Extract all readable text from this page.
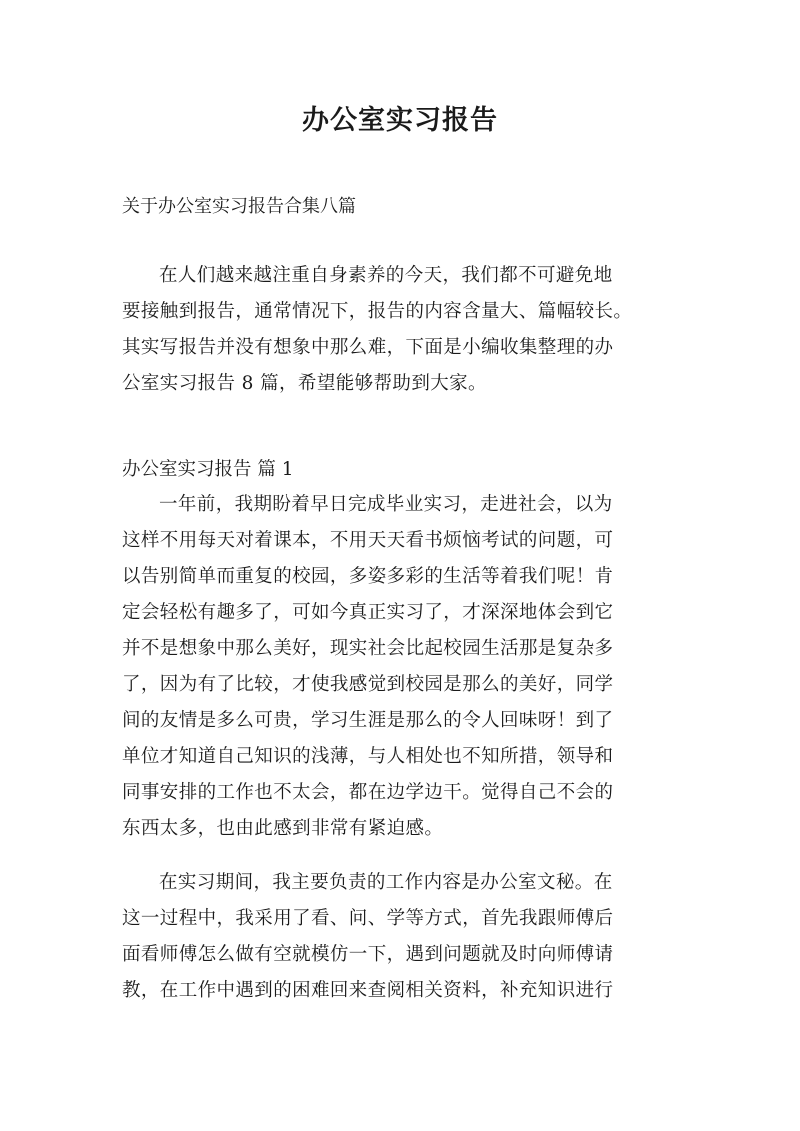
办公室实习报告

关于办公室实习报告合集八篇

在人们越来越注重自身素养的今天，我们都不可避免地
要接触到报告，通常情况下，报告的内容含量大、篇幅较长。
其实写报告并没有想象中那么难，下面是小编收集整理的办
公室实习报告 8 篇，希望能够帮助到大家。

办公室实习报告 篇 1

一年前，我期盼着早日完成毕业实习，走进社会，以为
这样不用每天对着课本，不用天天看书烦恼考试的问题，可
以告别简单而重复的校园，多姿多彩的生活等着我们呢！肯
定会轻松有趣多了，可如今真正实习了，才深深地体会到它
并不是想象中那么美好，现实社会比起校园生活那是复杂多
了，因为有了比较，才使我感觉到校园是那么的美好，同学
间的友情是多么可贵，学习生涯是那么的令人回味呀！到了
单位才知道自己知识的浅薄，与人相处也不知所措，领导和
同事安排的工作也不太会，都在边学边干。觉得自己不会的
东西太多，也由此感到非常有紧迫感。
在实习期间，我主要负责的工作内容是办公室文秘。在
这一过程中，我采用了看、问、学等方式，首先我跟师傅后
面看师傅怎么做有空就模仿一下，遇到问题就及时向师傅请
教，在工作中遇到的困难回来查阅相关资料，补充知识进行
